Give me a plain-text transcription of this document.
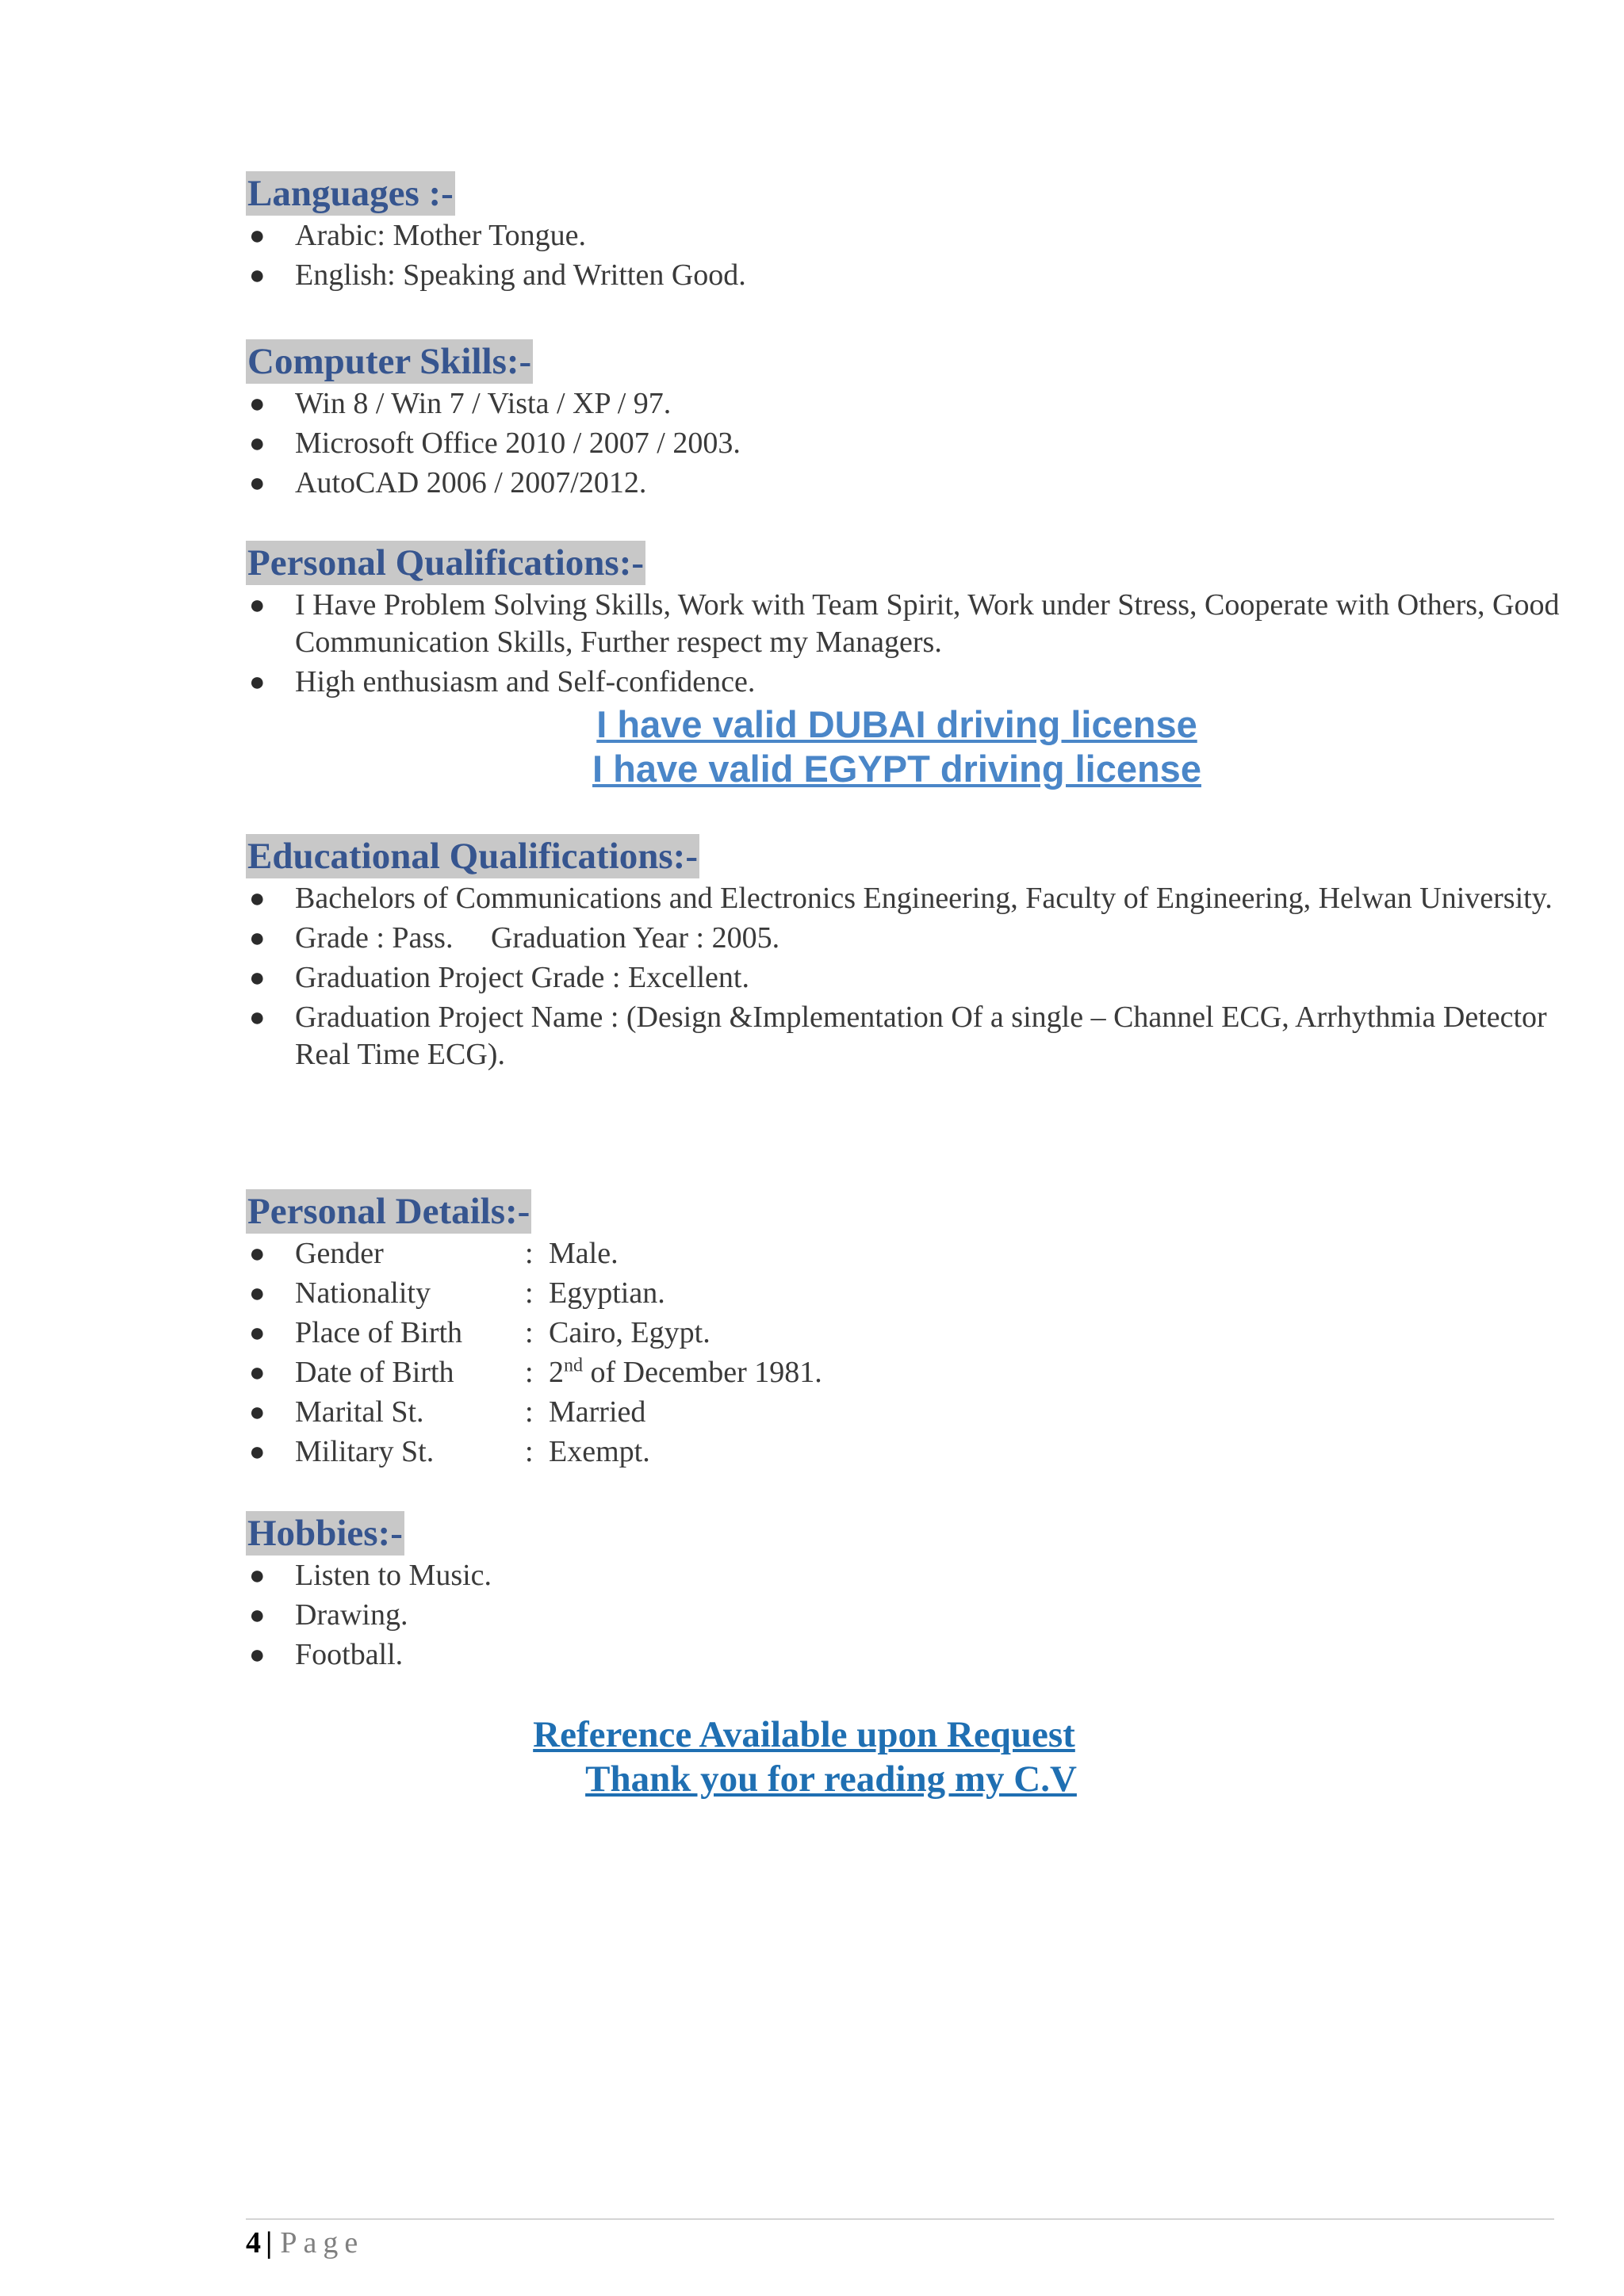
Languages :-
● Arabic: Mother Tongue.
● English: Speaking and Written Good.
Computer Skills:-
● Win 8 / Win 7 / Vista / XP / 97.
● Microsoft Office 2010 / 2007 / 2003.
● AutoCAD 2006 / 2007/2012.
Personal Qualifications:-
● I Have Problem Solving Skills, Work with Team Spirit, Work under Stress, Cooperate with Others, Good Communication Skills, Further respect my Managers.
● High enthusiasm and Self-confidence.
I have valid DUBAI driving license
I have valid EGYPT driving license
Educational Qualifications:-
● Bachelors of Communications and Electronics Engineering, Faculty of Engineering, Helwan University.
● Grade : Pass.     Graduation Year : 2005.
● Graduation Project Grade : Excellent.
● Graduation Project Name : (Design &Implementation Of a single – Channel ECG, Arrhythmia Detector Real Time ECG).
Personal Details:-
● Gender	: Male.
● Nationality	: Egyptian.
● Place of Birth : Cairo, Egypt.
● Date of Birth : 2nd of December 1981.
● Marital St.	: Married
● Military St.	: Exempt.
Hobbies:-
● Listen to Music.
● Drawing.
● Football.
Reference Available upon Request
Thank you for reading my C.V
4 | Page
